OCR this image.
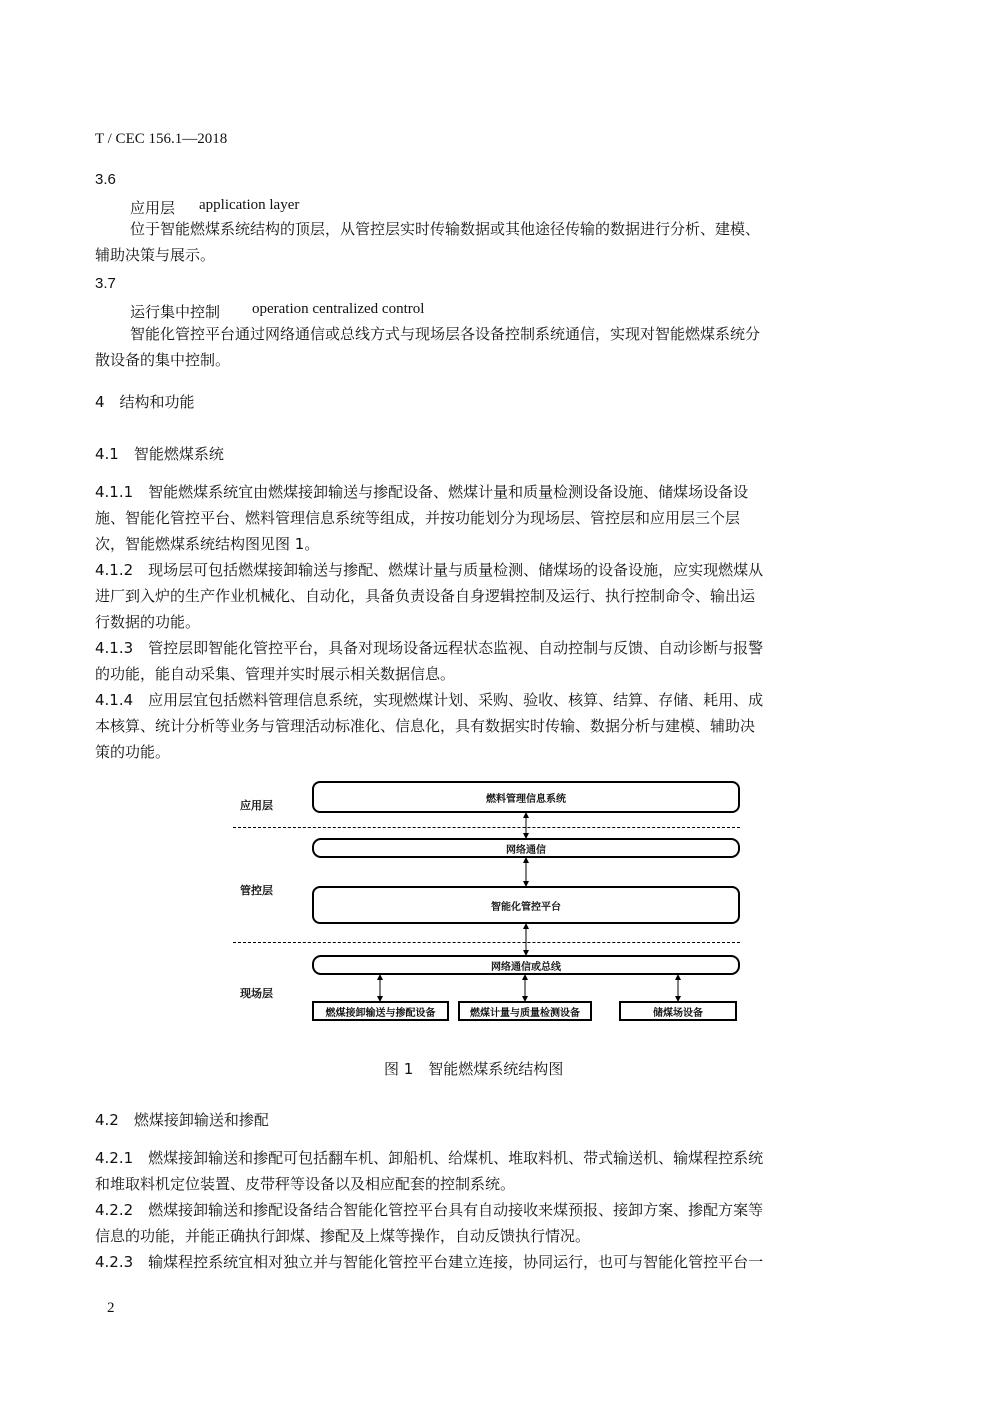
T / CEC 156.1—2018
3.6
应用层 application layer
位于智能燃煤系统结构的顶层，从管控层实时传输数据或其他途径传输的数据进行分析、建模、
辅助决策与展示。
3.7
运行集中控制 operation centralized control
智能化管控平台通过网络通信或总线方式与现场层各设备控制系统通信，实现对智能燃煤系统分
散设备的集中控制。
4　结构和功能
4.1　智能燃煤系统
4.1.1　智能燃煤系统宜由燃煤接卸输送与掺配设备、燃煤计量和质量检测设备设施、储煤场设备设
施、智能化管控平台、燃料管理信息系统等组成，并按功能划分为现场层、管控层和应用层三个层
次，智能燃煤系统结构图见图 1。
4.1.2　现场层可包括燃煤接卸输送与掺配、燃煤计量与质量检测、储煤场的设备设施，应实现燃煤从
进厂到入炉的生产作业机械化、自动化，具备负责设备自身逻辑控制及运行、执行控制命令、输出运
行数据的功能。
4.1.3　管控层即智能化管控平台，具备对现场设备远程状态监视、自动控制与反馈、自动诊断与报警
的功能，能自动采集、管理并实时展示相关数据信息。
4.1.4　应用层宜包括燃料管理信息系统，实现燃煤计划、采购、验收、核算、结算、存储、耗用、成
本核算、统计分析等业务与管理活动标准化、信息化，具有数据实时传输、数据分析与建模、辅助决
策的功能。
应用层
管控层
现场层
燃料管理信息系统
网络通信
智能化管控平台
网络通信或总线
燃煤接卸输送与掺配设备	燃煤计量与质量检测设备	储煤场设备
图 1　智能燃煤系统结构图
4.2　燃煤接卸输送和掺配
4.2.1　燃煤接卸输送和掺配可包括翻车机、卸船机、给煤机、堆取料机、带式输送机、输煤程控系统
和堆取料机定位装置、皮带秤等设备以及相应配套的控制系统。
4.2.2　燃煤接卸输送和掺配设备结合智能化管控平台具有自动接收来煤预报、接卸方案、掺配方案等
信息的功能，并能正确执行卸煤、掺配及上煤等操作，自动反馈执行情况。
4.2.3　输煤程控系统宜相对独立并与智能化管控平台建立连接，协同运行，也可与智能化管控平台一
2
